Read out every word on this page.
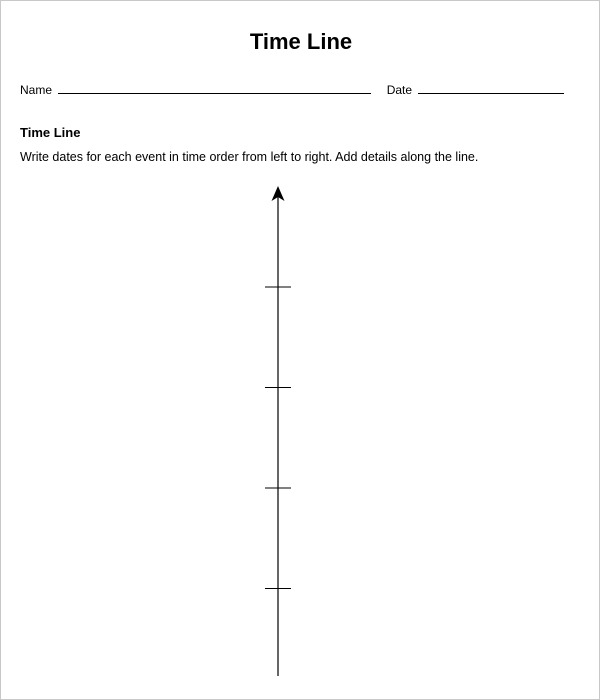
Time Line
Name	Date
Time Line
Write dates for each event in time order from left to right. Add details along the line.
